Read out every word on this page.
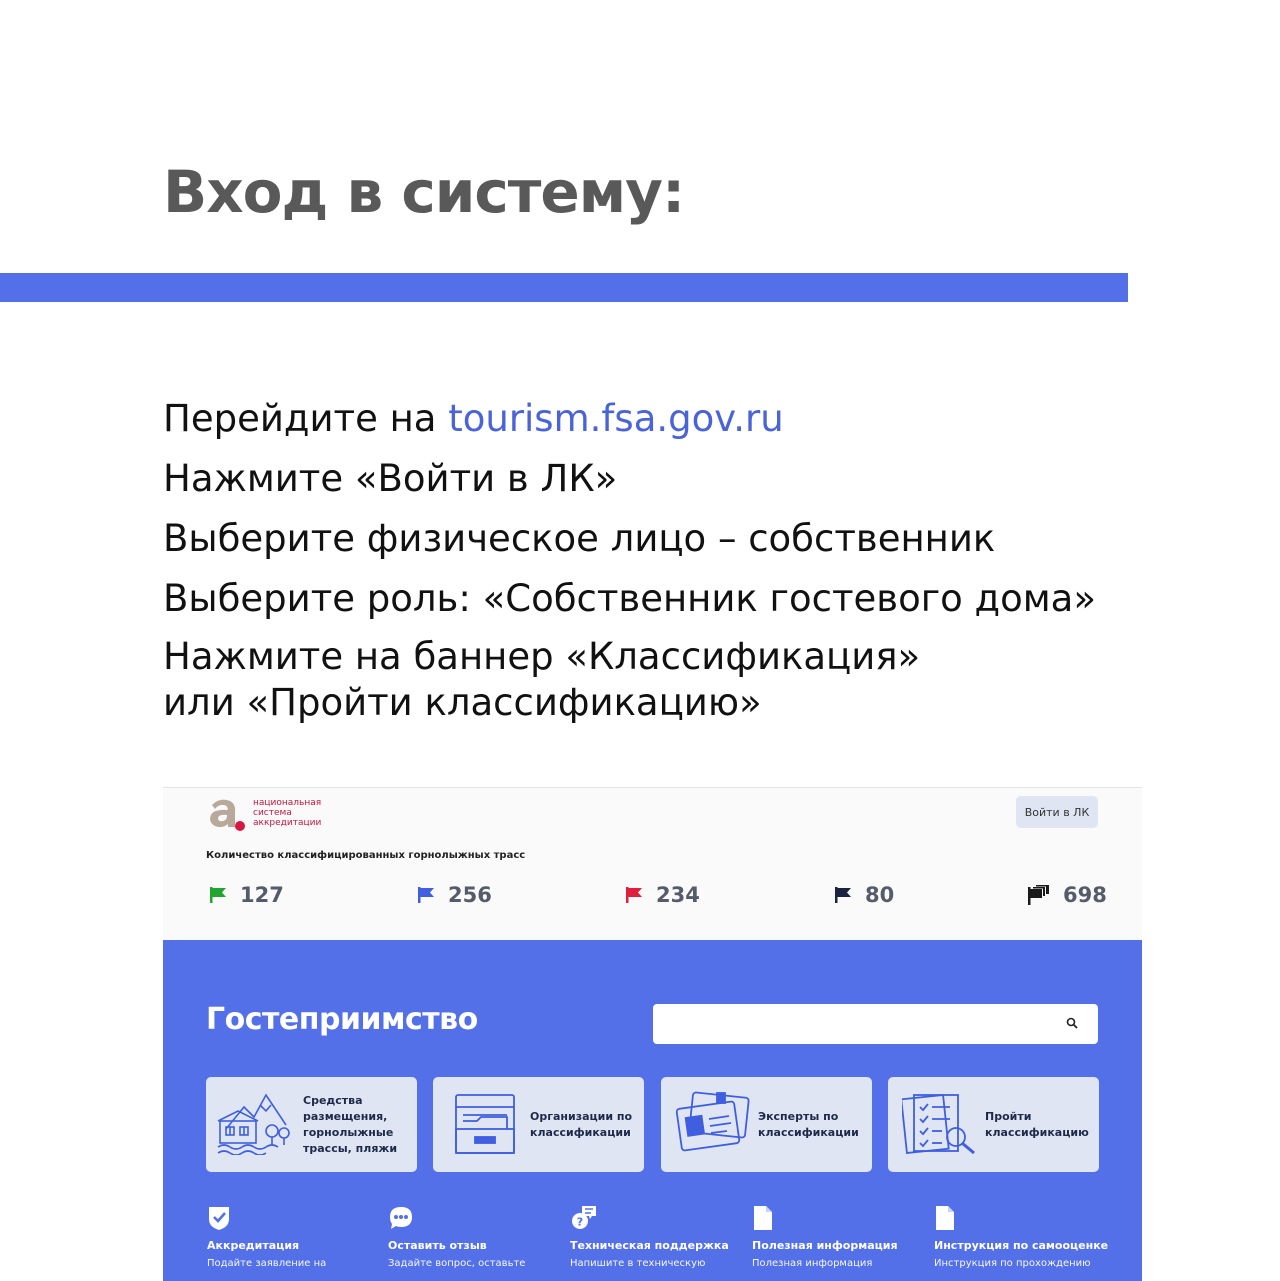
Вход в систему:
Перейдите на tourism.fsa.gov.ru
Нажмите «Войти в ЛК»
Выберите физическое лицо – собственник
Выберите роль: «Собственник гостевого дома»
Нажмите на баннер «Классификация»
или «Пройти классификацию»
национальная
система
аккредитации
Войти в ЛК
Количество классифицированных горнолыжных трасс
127	256	234	80	698
Гостеприимство
Средства размещения, горнолыжные трассы, пляжи
Организации по классификации
Эксперты по классификации
Пройти классификацию
Аккредитация
Подайте заявление на
Оставить отзыв
Задайте вопрос, оставьте
?
Техническая поддержка
Напишите в техническую
Полезная информация
Полезная информация
Инструкция по самооценке
Инструкция по прохождению
